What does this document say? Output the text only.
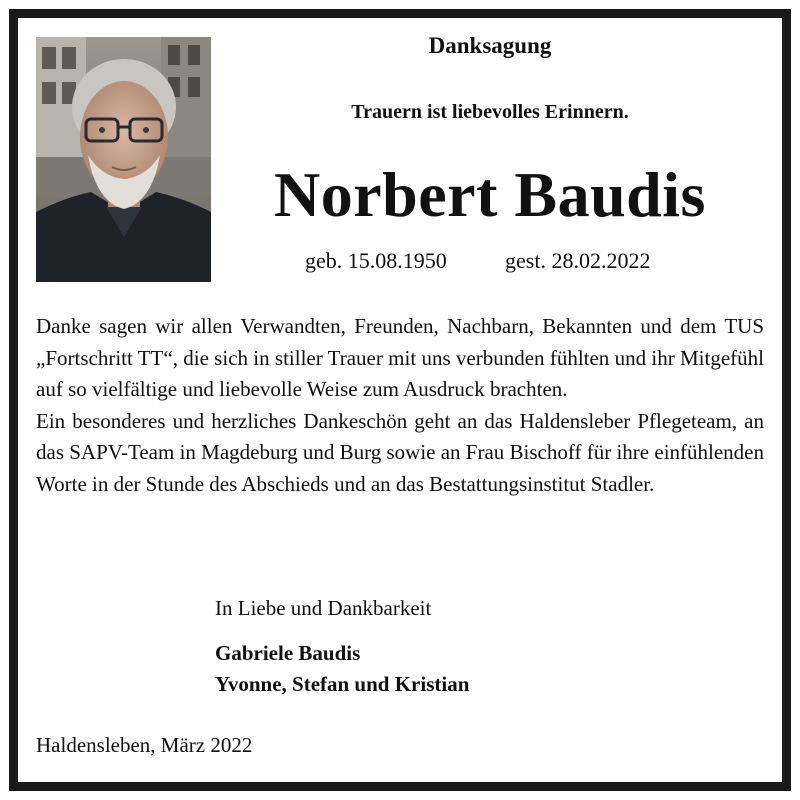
Danksagung
Trauern ist liebevolles Erinnern.
Norbert Baudis
geb. 15.08.1950	gest. 28.02.2022

Danke sagen wir allen Verwandten, Freunden, Nachbarn, Bekannten und dem TUS „Fortschritt TT“, die sich in stiller Trauer mit uns verbunden fühlten und ihr Mitgefühl auf so vielfältige und liebevolle Weise zum Ausdruck brachten.

Ein besonderes und herzliches Dankeschön geht an das Haldensleber Pflegeteam, an das SAPV-Team in Magdeburg und Burg sowie an Frau Bischoff für ihre einfühlenden Worte in der Stunde des Abschieds und an das Bestattungsinstitut Stadler.

In Liebe und Dankbarkeit
Gabriele Baudis
Yvonne, Stefan und Kristian
Haldensleben, März 2022
